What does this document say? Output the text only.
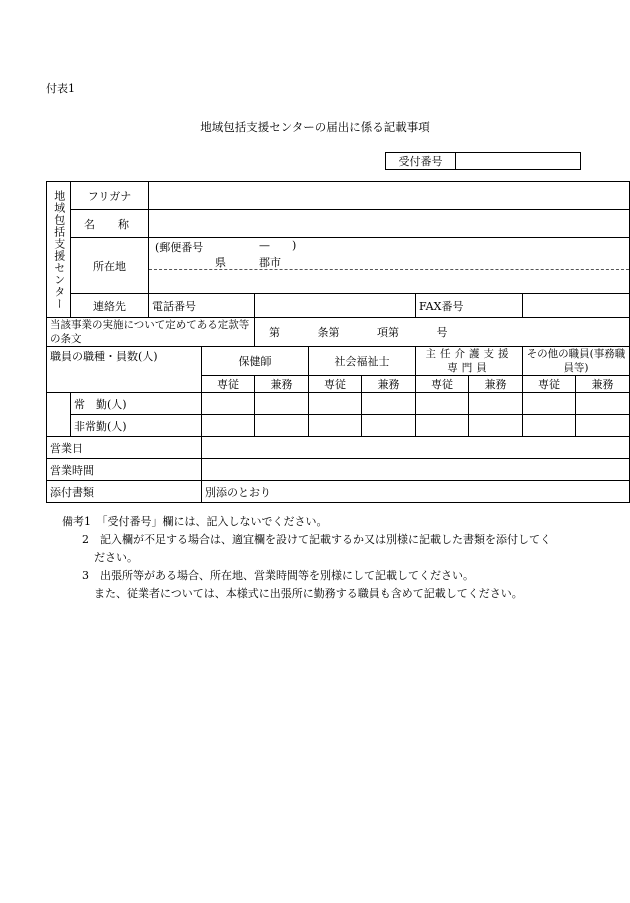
付表1
地域包括支援センターの届出に係る記載事項
受付番号	
地域包括支援センター	フリガナ									
	名　称									
	所在地	(郵便番号 — )
県 郡市								

	連絡先	電話番号					FAX番号			
当該事業の実施について定めてある定款等の条文				第 条第 項第 号						
職員の職種・員数(人)			保健師		社会福祉士		主任介護支援専門員		その他の職員(事務職員等)	
			専従	兼務	専従	兼務	専従	兼務	専従	兼務
	常　勤(人)									
	非常勤(人)									
営業日										
営業時間										
添付書類			別添のとおり							
備考1　「受付番号」欄には、記入しないでください。
2　記入欄が不足する場合は、適宜欄を設けて記載するか又は別様に記載した書類を添付してく
ださい。
3　出張所等がある場合、所在地、営業時間等を別様にして記載してください。
また、従業者については、本様式に出張所に勤務する職員も含めて記載してください。
